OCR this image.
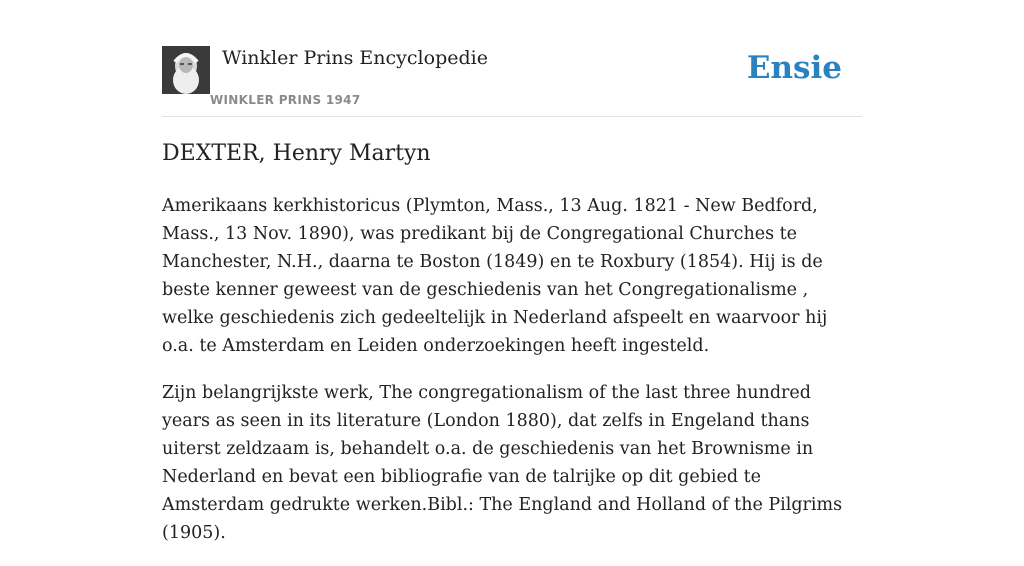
Winkler Prins Encyclopedie
WINKLER PRINS 1947
Ensie
DEXTER, Henry Martyn

Amerikaans kerkhistoricus (Plymton, Mass., 13 Aug. 1821 - New Bedford, Mass., 13 Nov. 1890), was predikant bij de Congregational Churches te Manchester, N.H., daarna te Boston (1849) en te Roxbury (1854). Hij is de beste kenner geweest van de geschiedenis van het Congregationalisme , welke geschiedenis zich gedeeltelijk in Nederland afspeelt en waarvoor hij o.a. te Amsterdam en Leiden onderzoekingen heeft ingesteld.

Zijn belangrijkste werk, The congregationalism of the last three hundred years as seen in its literature (London 1880), dat zelfs in Engeland thans uiterst zeldzaam is, behandelt o.a. de geschiedenis van het Brownisme in Nederland en bevat een bibliografie van de talrijke op dit gebied te Amsterdam gedrukte werken.Bibl.: The England and Holland of the Pilgrims (1905).
